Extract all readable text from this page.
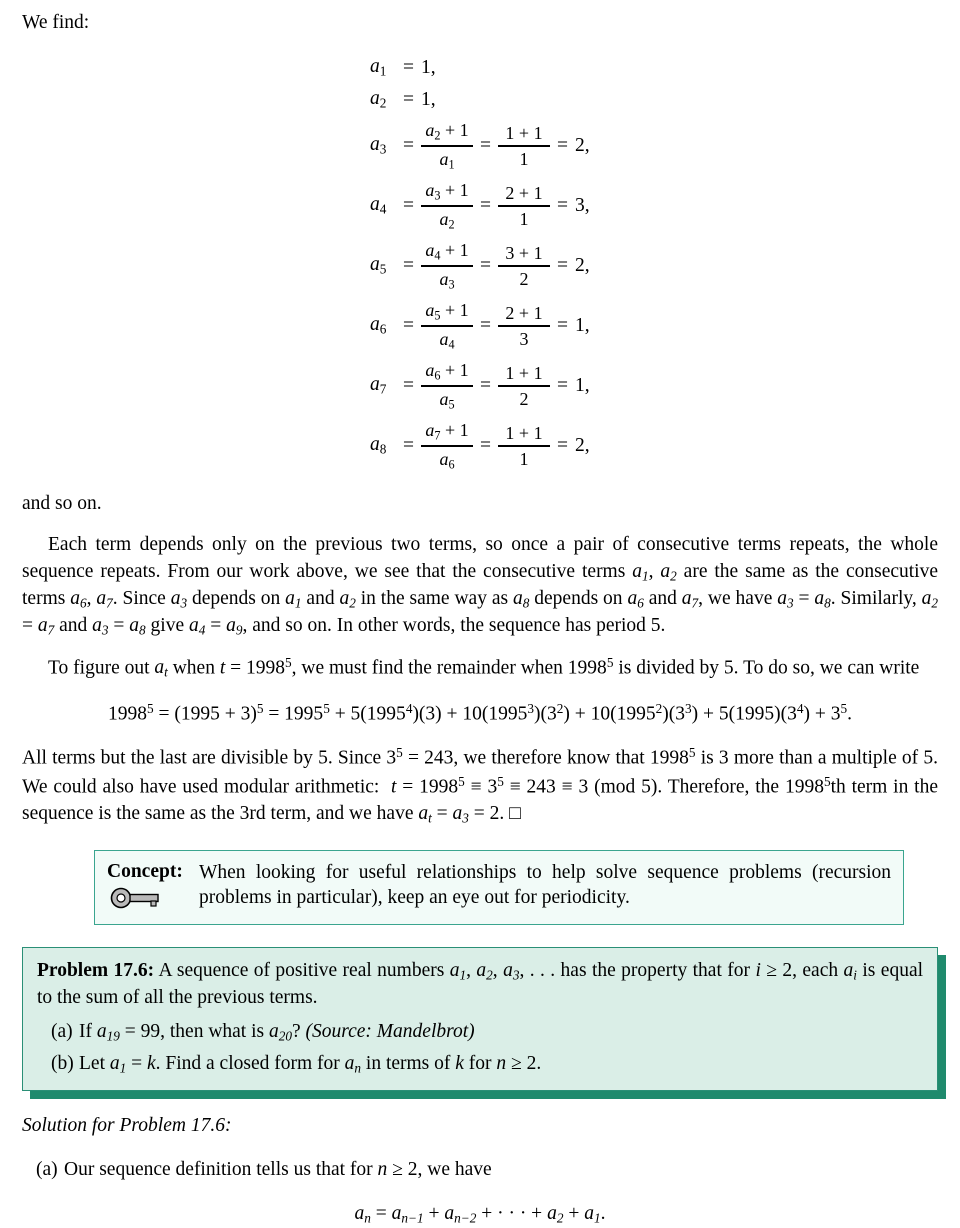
We find:

a1 = 1,
a2 = 1,
$a3 = \frac{a2 + 1}{a1} = \frac{1 + 1}{1} = 2$,
$a4 = \frac{a3 + 1}{a2} = \frac{2 + 1}{1} = 3$,
$a5 = \frac{a4 + 1}{a3} = \frac{3 + 1}{2} = 2$,
$a6 = \frac{a5 + 1}{a4} = \frac{2 + 1}{3} = 1$,
$a7 = \frac{a6 + 1}{a5} = \frac{1 + 1}{2} = 1$,
$a8 = \frac{a7 + 1}{a6} = \frac{1 + 1}{1} = 2$,

and so on.

Each term depends only on the previous two terms, so once a pair of consecutive terms repeats, the whole sequence repeats. From our work above, we see that the consecutive terms $a_1$, $a_2$ are the same as the consecutive terms $a_6$, $a_7$. Since $a_3$ depends on $a_1$ and $a_2$ in the same way as $a_8$ depends on $a_6$ and $a_7$, we have $a_3 = a_8$. Similarly, $a_2 = a_7$ and $a_3 = a_8$ give $a_4 = a_9$, and so on. In other words, the sequence has period 5.

To figure out $a_t$ when $t = 1998^5$, we must find the remainder when 1998$^5$ is divided by 5. To do so, we can write

$1998^5 = (1995 + 3)^5 = 1995^5 + 5(1995^4)(3) + 10(1995^3)(3^2) + 10(1995^2)(3^3) + 5(1995)(3^4) + 3^5$.

All terms but the last are divisible by 5. Since $3^5 = 243$, we therefore know that 1998$^5$ is 3 more than a multiple of 5. We could also have used modular arithmetic:  $t = 1998^5 \equiv 3^5 \equiv 243 \equiv 3$ (mod 5). Therefore, the 1998$^5$th term in the sequence is the same as the 3rd term, and we have $a_t = a_3 = 2$. □

Concept: When looking for useful relationships to help solve sequence problems (recursion problems in particular), keep an eye out for periodicity.
Problem 17.6: A sequence of positive real numbers $a_1$, $a_2$, $a_3$, . . . has the property that for i ≥ 2, each $a_i$ is equal to the sum of all the previous terms.
(a) If $a_{19} = 99$, then what is $a_{20}$? (Source: Mandelbrot)
(b) Let $a_1 = k$. Find a closed form for $a_n$ in terms of k for n ≥ 2.

Solution for Problem 17.6:

(a) Our sequence definition tells us that for n ≥ 2, we have

$a_n = a_{n-1} + a_{n-2}$ + · · · + $a_2 + a_1$.
